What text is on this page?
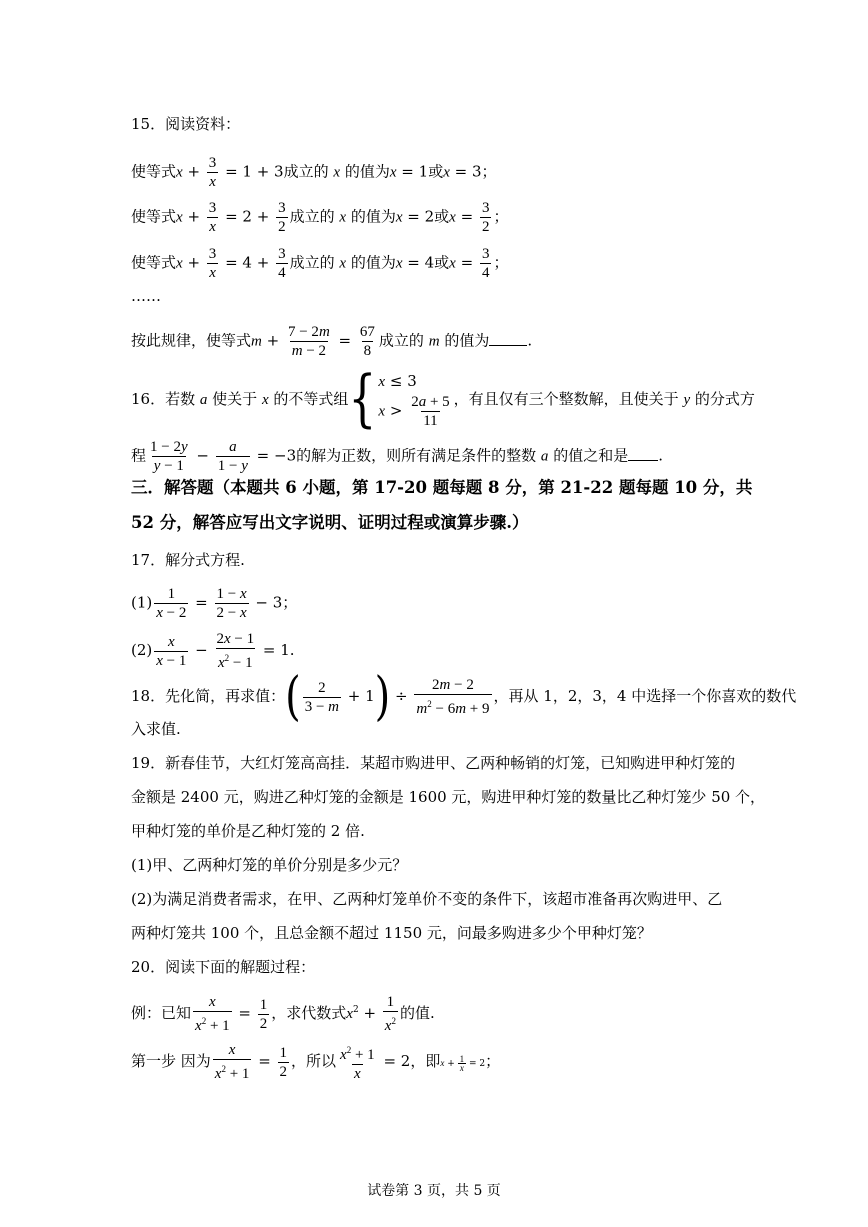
15．阅读资料：
使等式$x + \frac{3}{x} = 1 + 3$成立的 x 的值为x = 1或x = 3；
使等式$x + \frac{3}{x} = 2 + \frac{3}{2}$ 成立的 x 的值为x = 2或$x = \frac{3}{2}$ ；
使等式$x + \frac{3}{x} = 4 + \frac{3}{4}$ 成立的 x 的值为x = 4或$x = \frac{3}{4}$ ；
……
按此规律，使等式$m + \frac{7 - 2m}{m - 2} = \frac{67}{8}$ 成立的 m 的值为	.
16．若数 a 使关于 x 的不等式组{ x ≤ 3
$x > \frac{2a + 5}{11}$ ，有且仅有三个整数解，且使关于 y 的分式方
程 $\frac{1 - 2y}{y - 1} - \frac{a}{1 - y} = -3$的解为正数，则所有满足条件的整数 a 的值之和是 .
三．解答题（本题共 6 小题，第 17-20 题每题 8 分，第 21-22 题每题 10 分，共
52 分，解答应写出文字说明、证明过程或演算步骤.）
17．解分式方程.
$(1) \frac{1}{x - 2} = \frac{1 - x}{2 - x} - 3$；
$(2) \frac{x}{x - 1} - \frac{2x - 1}{x^2 - 1} = 1$.
18．先化简，再求值：( $\frac{2}{3 - m} + 1) \div \frac{2m - 2}{m^2 - 6m + 9}$ ，再从 1，2，3，4 中选择一个你喜欢的数代
入求值.
19．新春佳节，大红灯笼高高挂．某超市购进甲、乙两种畅销的灯笼，已知购进甲种灯笼的
金额是 2400 元，购进乙种灯笼的金额是 1600 元，购进甲种灯笼的数量比乙种灯笼少 50 个，
甲种灯笼的单价是乙种灯笼的 2 倍.
(1)甲、乙两种灯笼的单价分别是多少元？
(2)为满足消费者需求，在甲、乙两种灯笼单价不变的条件下，该超市准备再次购进甲、乙
两种灯笼共 100 个，且总金额不超过 1150 元，问最多购进多少个甲种灯笼？
20．阅读下面的解题过程：
例：已知 $\frac{x}{x^2 + 1} = \frac{1}{2}$ ，求代数式$x^2 + \frac{1}{x^2}$ 的值.
第一步 因为 $\frac{x}{x^2 + 1} = \frac{1}{2}$ ，所以 $\frac{x^2 + 1}{x} = 2$，即$x + \frac{1}{x} = 2$；
试卷第 3 页，共 5 页
